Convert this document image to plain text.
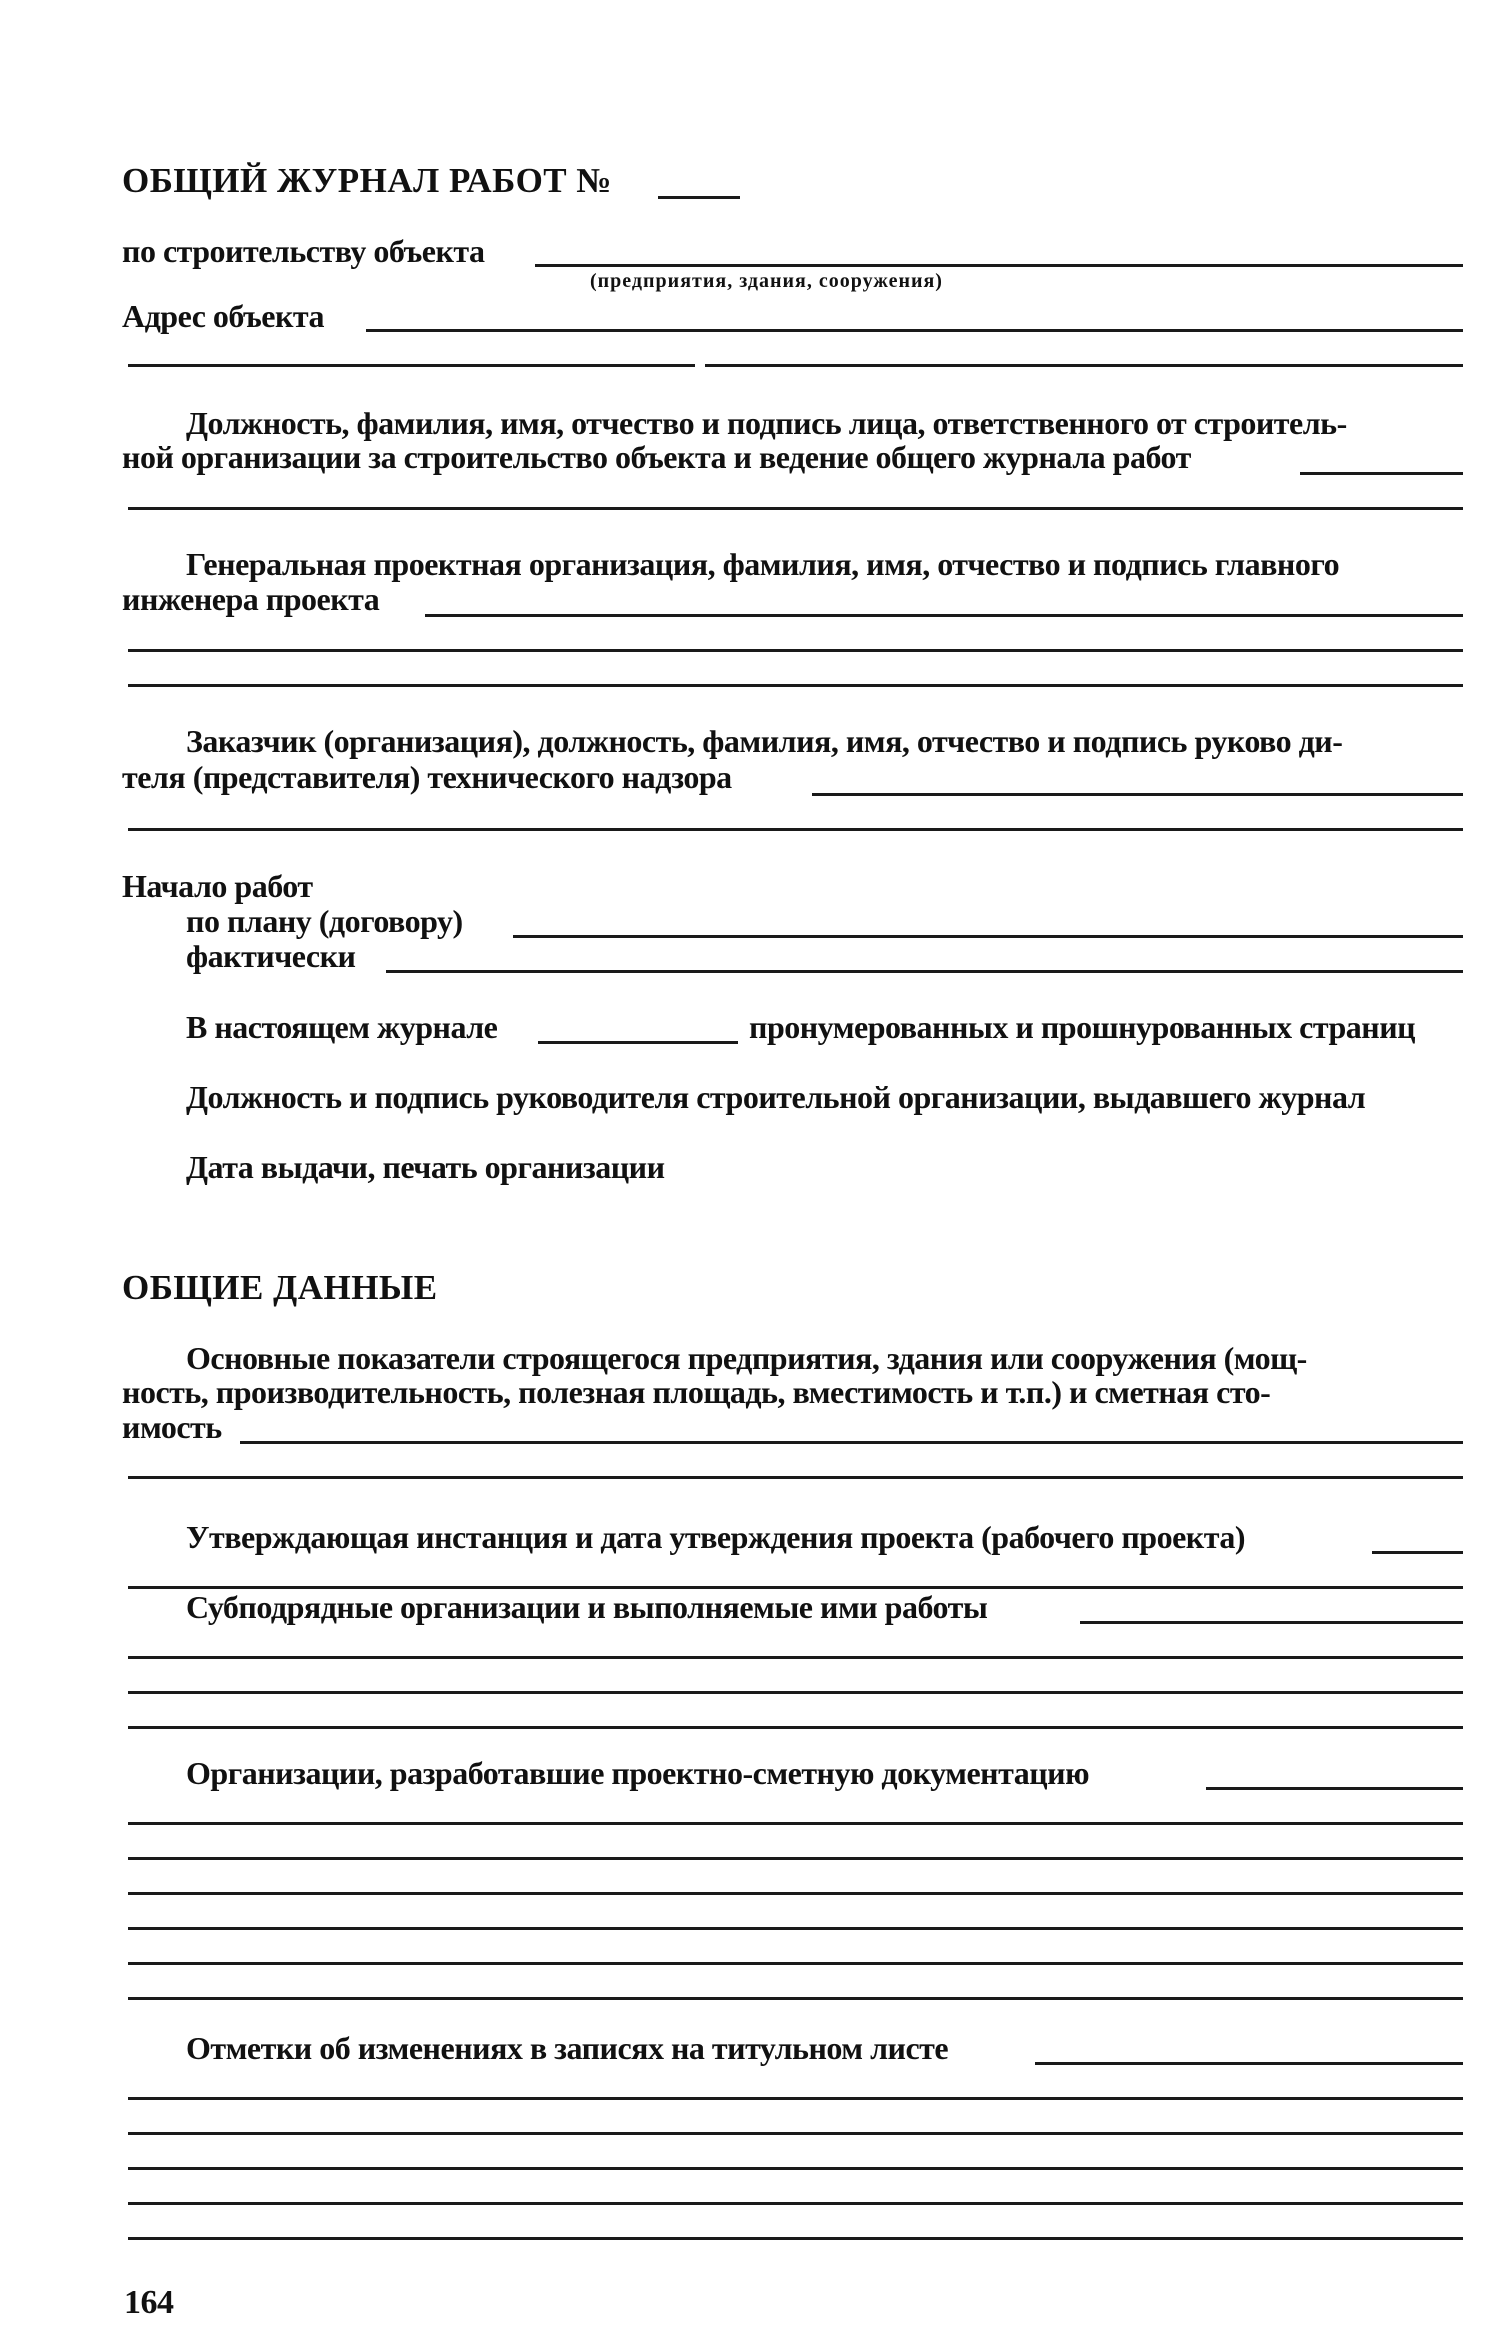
ОБЩИЙ ЖУРНАЛ РАБОТ №
по строительству объекта
(предприятия, здания, сооружения)
Адрес объекта
Должность, фамилия, имя, отчество и подпись лица, ответственного от строитель-
ной организации за строительство объекта и ведение общего журнала работ
Генеральная проектная организация, фамилия, имя, отчество и подпись главного
инженера проекта
Заказчик (организация), должность, фамилия, имя, отчество и подпись руково ди-
теля (представителя) технического надзора
Начало работ
по плану (договору)
фактически
В настоящем журнале	пронумерованных и прошнурованных страниц
Должность и подпись руководителя строительной организации, выдавшего журнал
Дата выдачи, печать организации
ОБЩИЕ ДАННЫЕ
Основные показатели строящегося предприятия, здания или сооружения (мощ-
ность, производительность, полезная площадь, вместимость и т.п.) и сметная сто-
имость
Утверждающая инстанция и дата утверждения проекта (рабочего проекта)
Субподрядные организации и выполняемые ими работы
Организации, разработавшие проектно-сметную документацию
Отметки об изменениях в записях на титульном листе
164
